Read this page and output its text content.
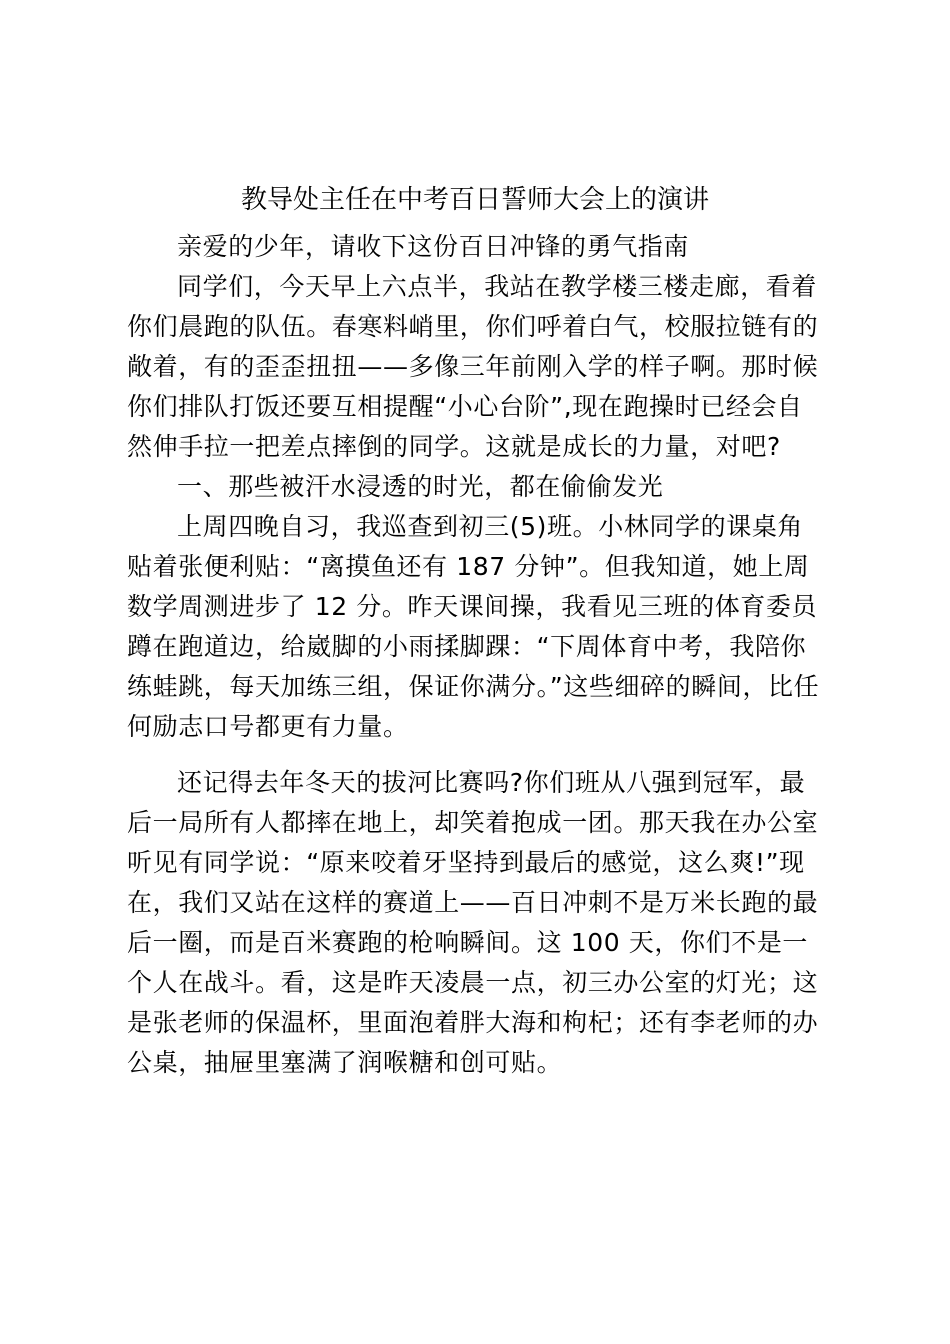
教导处主任在中考百日誓师大会上的演讲

亲爱的少年，请收下这份百日冲锋的勇气指南

同学们，今天早上六点半，我站在教学楼三楼走廊，看着你们晨跑的队伍。春寒料峭里，你们呼着白气，校服拉链有的敞着，有的歪歪扭扭——多像三年前刚入学的样子啊。那时候你们排队打饭还要互相提醒“小心台阶”,现在跑操时已经会自然伸手拉一把差点摔倒的同学。这就是成长的力量，对吧?

一、那些被汗水浸透的时光，都在偷偷发光

上周四晚自习，我巡查到初三(5)班。小林同学的课桌角贴着张便利贴：“离摸鱼还有 187 分钟”。但我知道，她上周数学周测进步了 12 分。昨天课间操，我看见三班的体育委员蹲在跑道边，给崴脚的小雨揉脚踝：“下周体育中考，我陪你练蛙跳，每天加练三组，保证你满分。”这些细碎的瞬间，比任何励志口号都更有力量。

还记得去年冬天的拔河比赛吗?你们班从八强到冠军，最后一局所有人都摔在地上，却笑着抱成一团。那天我在办公室听见有同学说：“原来咬着牙坚持到最后的感觉，这么爽!”现在，我们又站在这样的赛道上——百日冲刺不是万米长跑的最后一圈，而是百米赛跑的枪响瞬间。这 100 天，你们不是一个人在战斗。看，这是昨天凌晨一点，初三办公室的灯光；这是张老师的保温杯，里面泡着胖大海和枸杞；还有李老师的办公桌，抽屉里塞满了润喉糖和创可贴。
